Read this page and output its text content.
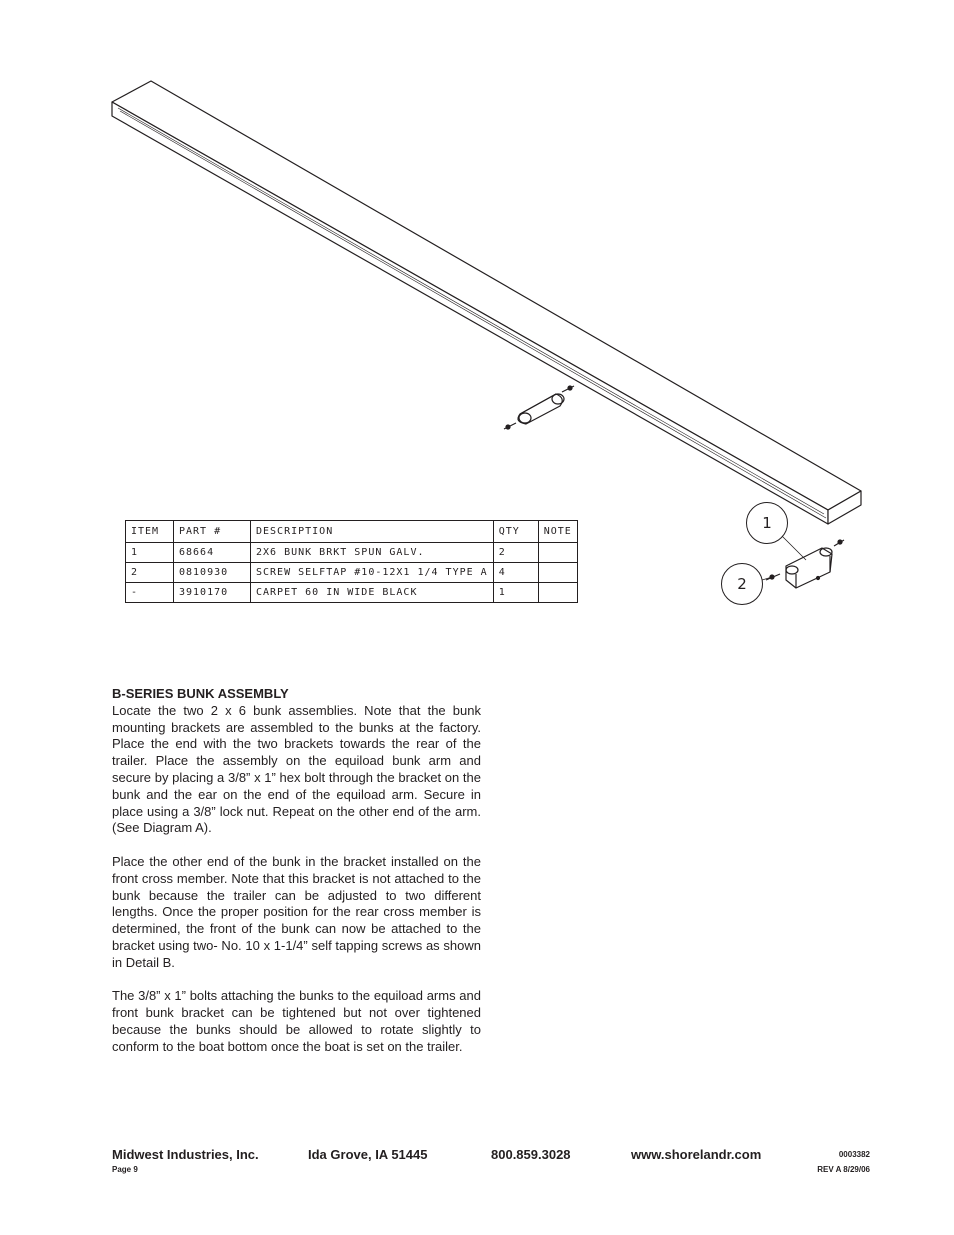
1
2
ITEM	PART #	DESCRIPTION	QTY	NOTE
1	68664	2X6 BUNK BRKT SPUN GALV.	2	
2	0810930	SCREW SELFTAP #10-12X1 1/4 TYPE A	4	
-	3910170	CARPET 60 IN WIDE BLACK	1	
B-SERIES BUNK ASSEMBLY

Locate the two 2 x 6 bunk assemblies. Note that the bunk mounting brackets are assembled to the bunks at the factory. Place the end with the two brackets towards the rear of the trailer. Place the assembly on the equiload bunk arm and secure by placing a 3/8” x 1” hex bolt through the bracket on the bunk and the ear on the end of the equiload arm. Secure in place using a 3/8” lock nut. Repeat on the other end of the arm. (See Diagram A).

Place the other end of the bunk in the bracket installed on the front cross member. Note that this bracket is not attached to the bunk because the trailer can be adjusted to two different lengths. Once the proper position for the rear cross member is determined, the front of the bunk can now be attached to the bracket using two- No. 10 x 1-1/4” self tapping screws as shown in Detail B.

The 3/8” x 1” bolts attaching the bunks to the equiload arms and front bunk bracket can be tightened but not over tightened because the bunks should be allowed to rotate slightly to conform to the boat bottom once the boat is set on the trailer.

Midwest Industries, Inc.	Ida Grove, IA 51445	800.859.3028	www.shorelandr.com	0003382
Page 9	REV A 8/29/06
